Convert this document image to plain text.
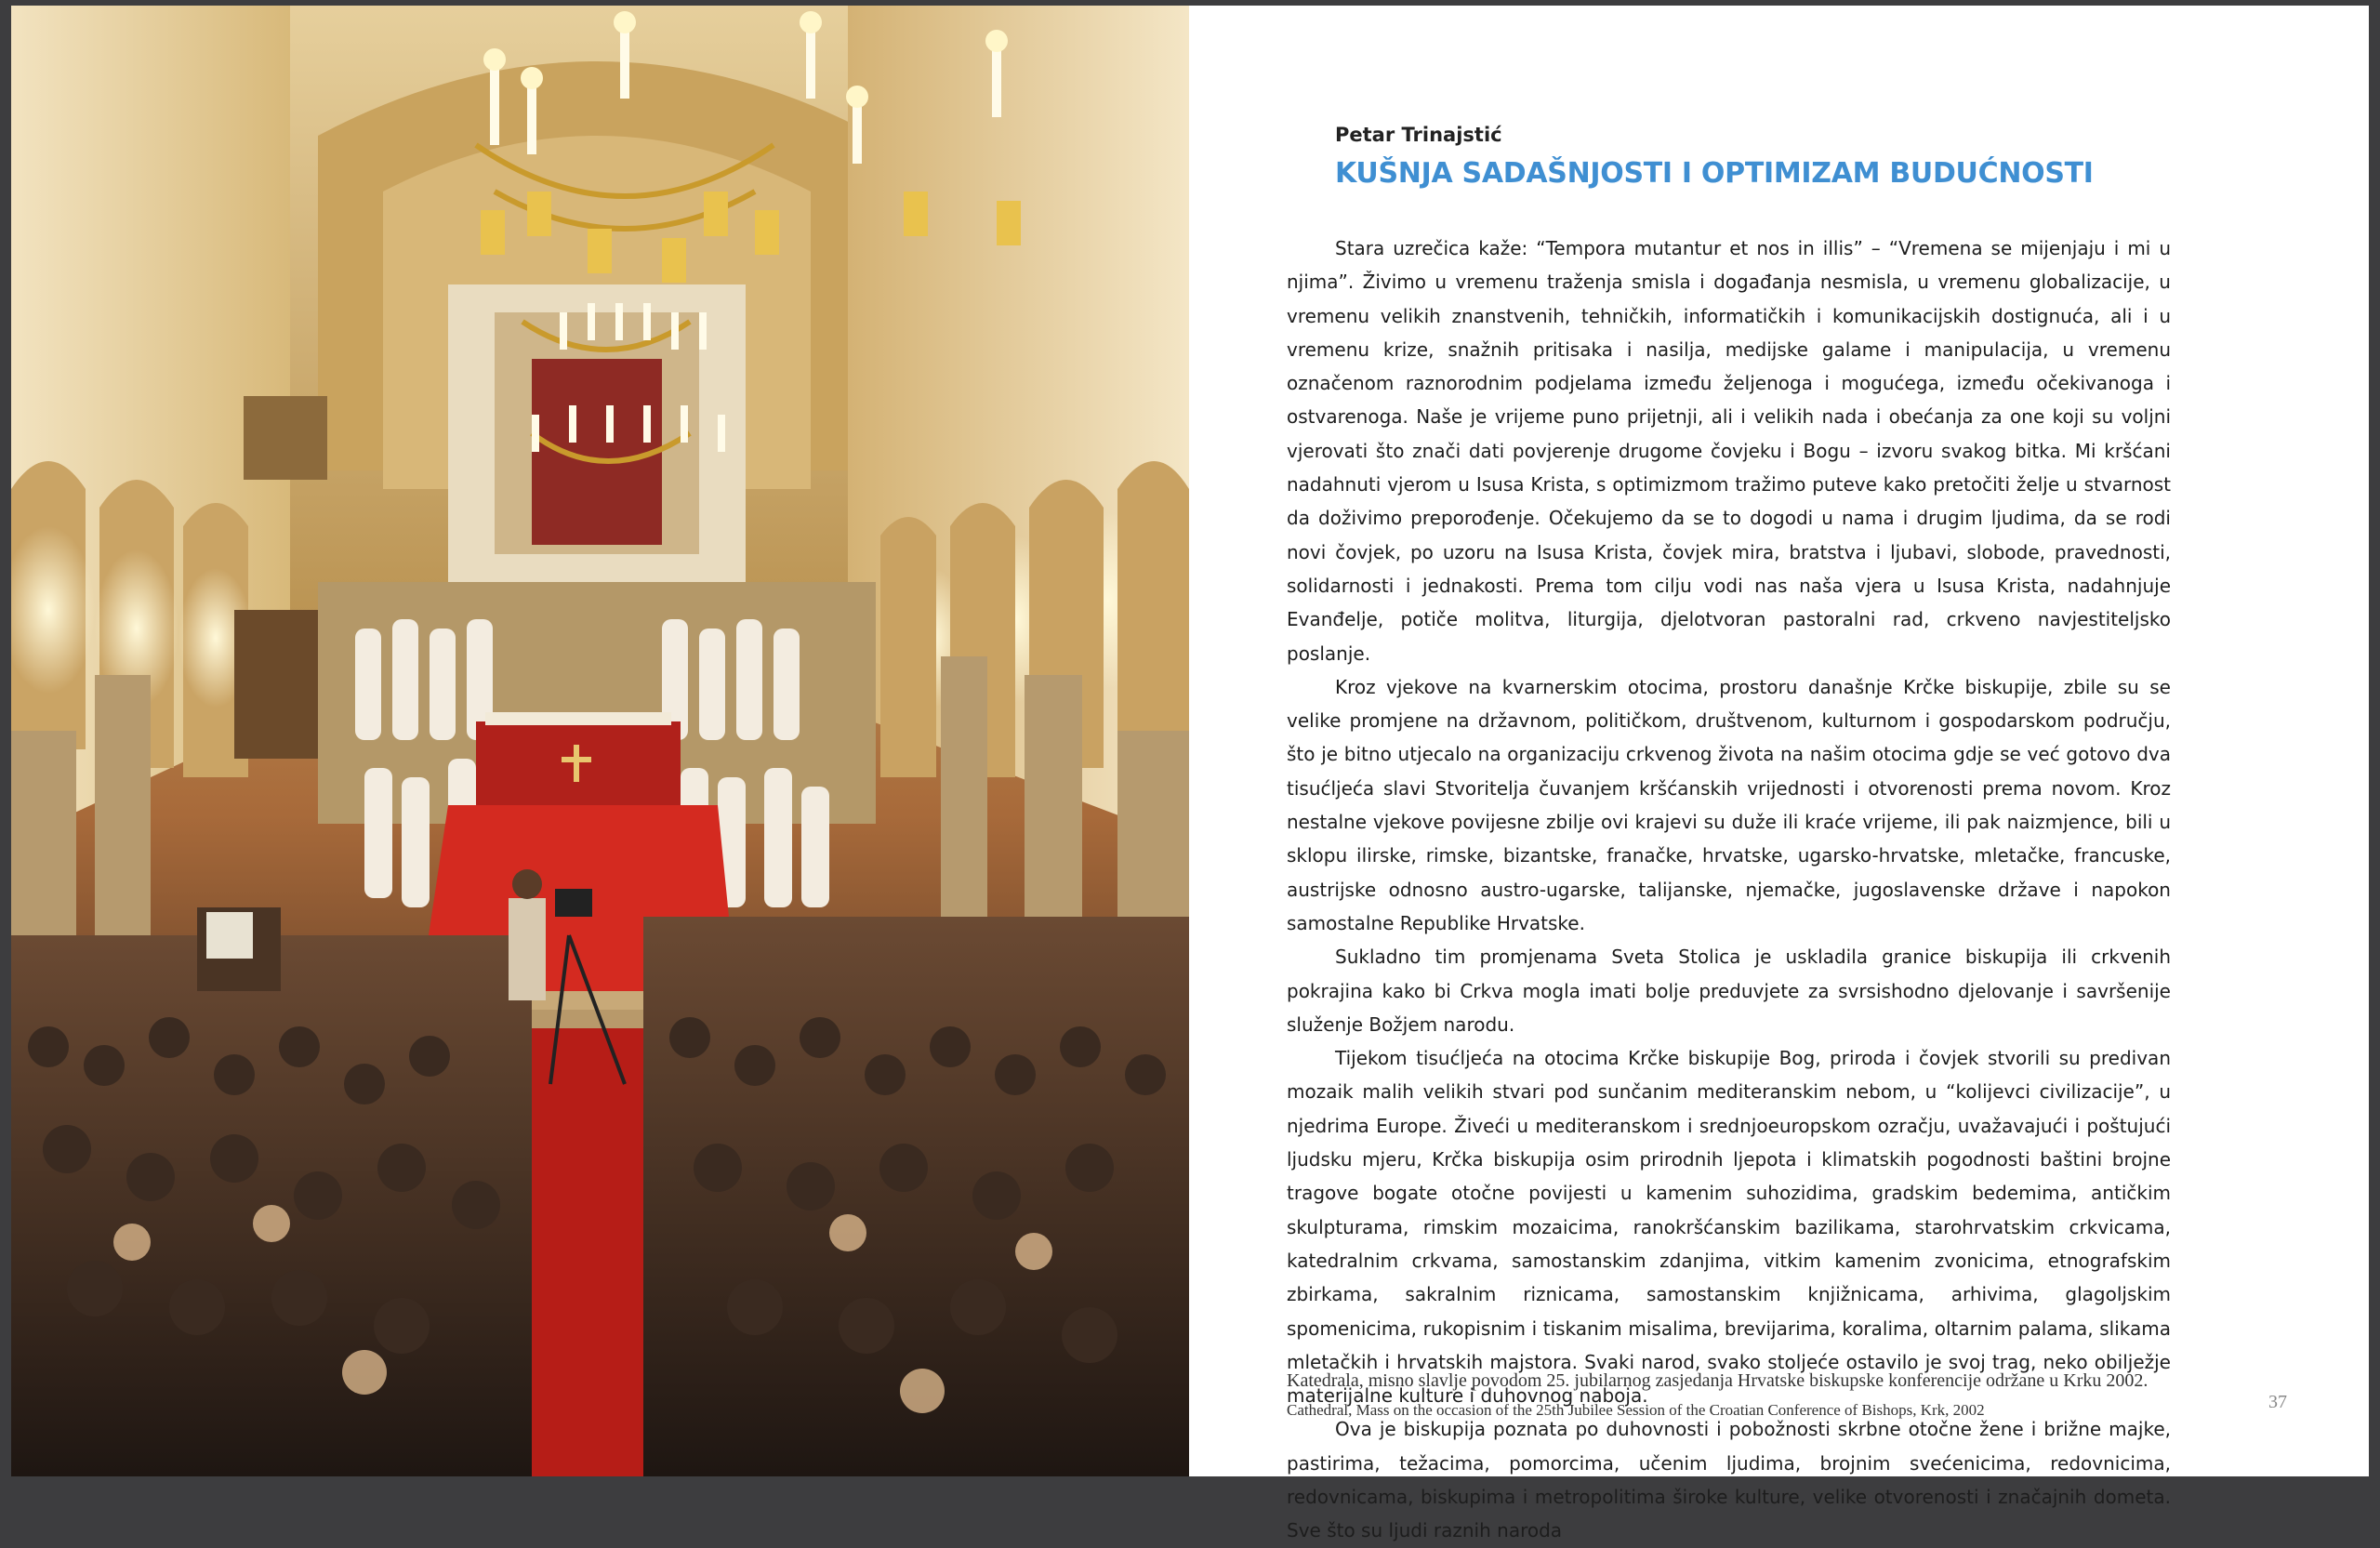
Petar Trinajstić
KUŠNJA SADAŠNJOSTI I OPTIMIZAM BUDUĆNOSTI

Stara uzrečica kaže: “Tempora mutantur et nos in illis” – “Vremena se mijenjaju i mi u njima”. Živimo u vremenu traženja smisla i događanja nesmisla, u vremenu globalizacije, u vremenu velikih znanstvenih, tehničkih, informatičkih i komunikacijskih dostignuća, ali i u vremenu krize, snažnih pritisaka i nasilja, medijske galame i manipulacija, u vremenu označenom raznorodnim podjelama između željenoga i mogućega, između očekivanoga i ostvarenoga. Naše je vrijeme puno prijetnji, ali i velikih nada i obećanja za one koji su voljni vjerovati što znači dati povjerenje drugome čovjeku i Bogu – izvoru svakog bitka. Mi kršćani nadahnuti vjerom u Isusa Krista, s optimizmom tražimo puteve kako pretočiti želje u stvarnost da doživimo preporođenje. Očekujemo da se to dogodi u nama i drugim ljudima, da se rodi novi čovjek, po uzoru na Isusa Krista, čovjek mira, bratstva i ljubavi, slobode, pravednosti, solidarnosti i jednakosti. Prema tom cilju vodi nas naša vjera u Isusa Krista, nadahnjuje Evanđelje, potiče molitva, liturgija, djelotvoran pastoralni rad, crkveno navjestiteljsko poslanje.

Kroz vjekove na kvarnerskim otocima, prostoru današnje Krčke biskupije, zbile su se velike promjene na državnom, političkom, društvenom, kulturnom i gospodarskom području, što je bitno utjecalo na organizaciju crkvenog života na našim otocima gdje se već gotovo dva tisućljeća slavi Stvoritelja čuvanjem kršćanskih vrijednosti i otvorenosti prema novom. Kroz nestalne vjekove povijesne zbilje ovi krajevi su duže ili kraće vrijeme, ili pak naizmjence, bili u sklopu ilirske, rimske, bizantske, franačke, hrvatske, ugarsko-hrvatske, mletačke, francuske, austrijske odnosno austro-ugarske, talijanske, njemačke, jugoslavenske države i napokon samostalne Republike Hrvatske.

Sukladno tim promjenama Sveta Stolica je uskladila granice biskupija ili crkvenih pokrajina kako bi Crkva mogla imati bolje preduvjete za svrsishodno djelovanje i savršenije služenje Božjem narodu.

Tijekom tisućljeća na otocima Krčke biskupije Bog, priroda i čovjek stvorili su predivan mozaik malih velikih stvari pod sunčanim mediteranskim nebom, u “kolijevci civilizacije”, u njedrima Europe. Živeći u mediteranskom i srednjoeuropskom ozračju, uvažavajući i poštujući ljudsku mjeru, Krčka biskupija osim prirodnih ljepota i klimatskih pogodnosti baštini brojne tragove bogate otočne povijesti u kamenim suhozidima, gradskim bedemima, antičkim skulpturama, rimskim mozaicima, ranokršćanskim bazilikama, starohrvatskim crkvicama, katedralnim crkvama, samostanskim zdanjima, vitkim kamenim zvonicima, etnografskim zbirkama, sakralnim riznicama, samostanskim knjižnicama, arhivima, glagoljskim spomenicima, rukopisnim i tiskanim misalima, brevijarima, koralima, oltarnim palama, slikama mletačkih i hrvatskih majstora. Svaki narod, svako stoljeće ostavilo je svoj trag, neko obilježje materijalne kulture i duhovnog naboja.

Ova je biskupija poznata po duhovnosti i pobožnosti skrbne otočne žene i brižne majke, pastirima, težacima, pomorcima, učenim ljudima, brojnim svećenicima, redovnicima, redovnicama, biskupima i metropolitima široke kulture, velike otvorenosti i značajnih dometa. Sve što su ljudi raznih naroda

Katedrala, misno slavlje povodom 25. jubilarnog zasjedanja Hrvatske biskupske konferencije održane u Krku 2002.
Cathedral, Mass on the occasion of the 25th Jubilee Session of the Croatian Conference of Bishops, Krk, 2002	37
